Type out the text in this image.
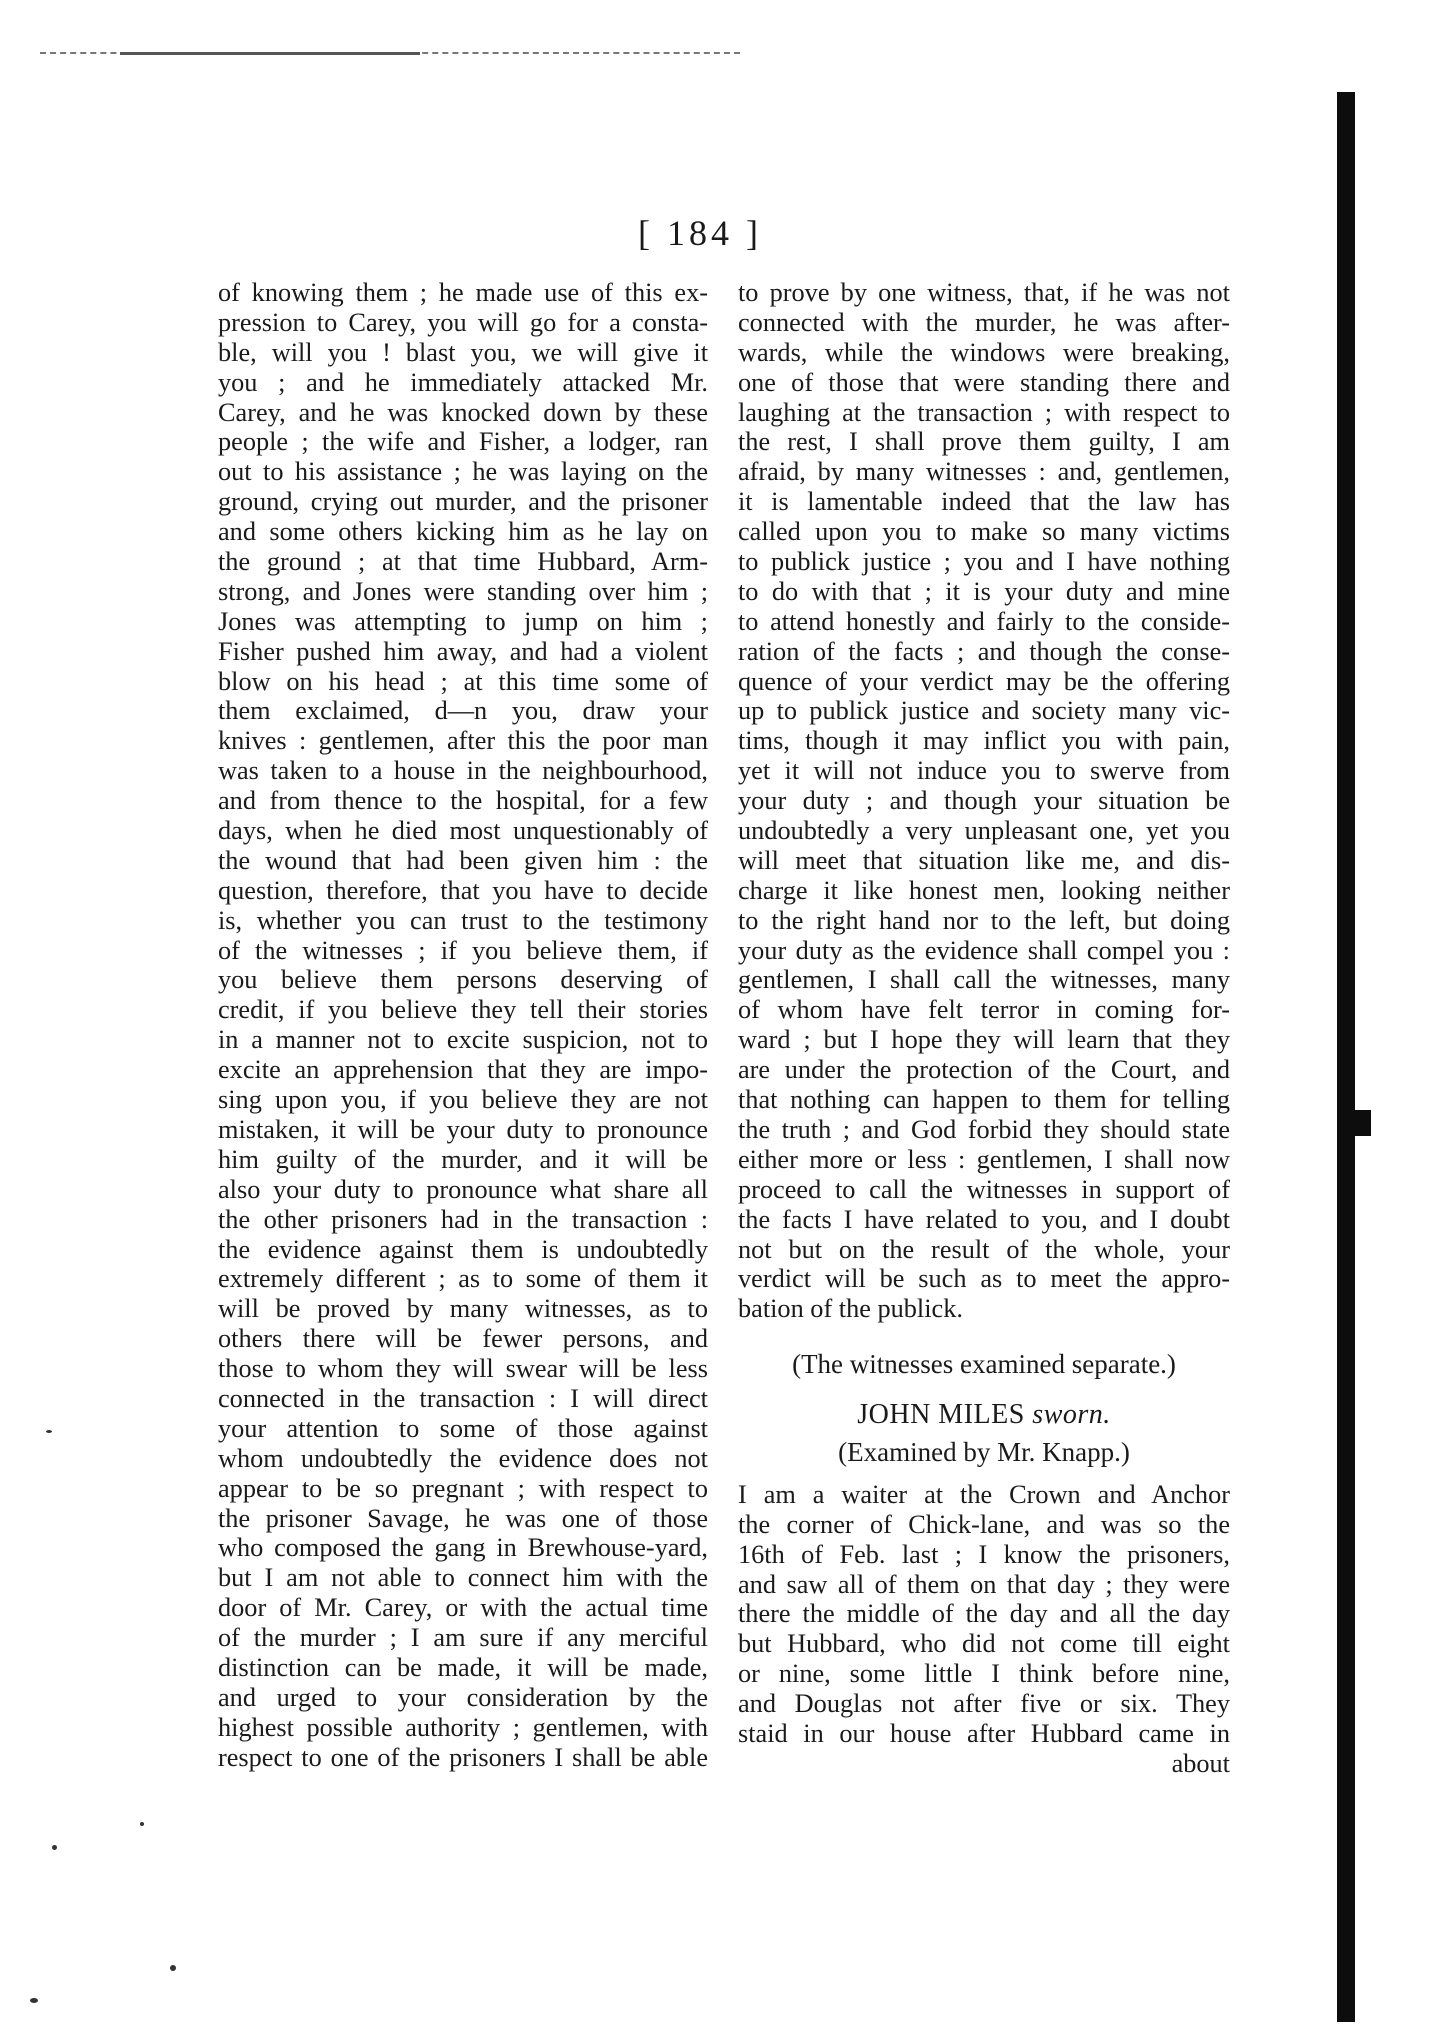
[ 184 ]
of knowing them ; he made use of this ex-
pression to Carey, you will go for a consta-
ble, will you ! blast you, we will give it
you ; and he immediately attacked Mr.
Carey, and he was knocked down by these
people ; the wife and Fisher, a lodger, ran
out to his assistance ; he was laying on the
ground, crying out murder, and the prisoner
and some others kicking him as he lay on
the ground ; at that time Hubbard, Arm-
strong, and Jones were standing over him ;
Jones was attempting to jump on him ;
Fisher pushed him away, and had a violent
blow on his head ; at this time some of
them exclaimed, d—n you, draw your
knives : gentlemen, after this the poor man
was taken to a house in the neighbourhood,
and from thence to the hospital, for a few
days, when he died most unquestionably of
the wound that had been given him : the
question, therefore, that you have to decide
is, whether you can trust to the testimony
of the witnesses ; if you believe them, if
you believe them persons deserving of
credit, if you believe they tell their stories
in a manner not to excite suspicion, not to
excite an apprehension that they are impo-
sing upon you, if you believe they are not
mistaken, it will be your duty to pronounce
him guilty of the murder, and it will be
also your duty to pronounce what share all
the other prisoners had in the transaction :
the evidence against them is undoubtedly
extremely different ; as to some of them it
will be proved by many witnesses, as to
others there will be fewer persons, and
those to whom they will swear will be less
connected in the transaction : I will direct
your attention to some of those against
whom undoubtedly the evidence does not
appear to be so pregnant ; with respect to
the prisoner Savage, he was one of those
who composed the gang in Brewhouse-yard,
but I am not able to connect him with the
door of Mr. Carey, or with the actual time
of the murder ; I am sure if any merciful
distinction can be made, it will be made,
and urged to your consideration by the
highest possible authority ; gentlemen, with
respect to one of the prisoners I shall be able
to prove by one witness, that, if he was not
connected with the murder, he was after-
wards, while the windows were breaking,
one of those that were standing there and
laughing at the transaction ; with respect to
the rest, I shall prove them guilty, I am
afraid, by many witnesses : and, gentlemen,
it is lamentable indeed that the law has
called upon you to make so many victims
to publick justice ; you and I have nothing
to do with that ; it is your duty and mine
to attend honestly and fairly to the conside-
ration of the facts ; and though the conse-
quence of your verdict may be the offering
up to publick justice and society many vic-
tims, though it may inflict you with pain,
yet it will not induce you to swerve from
your duty ; and though your situation be
undoubtedly a very unpleasant one, yet you
will meet that situation like me, and dis-
charge it like honest men, looking neither
to the right hand nor to the left, but doing
your duty as the evidence shall compel you :
gentlemen, I shall call the witnesses, many
of whom have felt terror in coming for-
ward ; but I hope they will learn that they
are under the protection of the Court, and
that nothing can happen to them for telling
the truth ; and God forbid they should state
either more or less : gentlemen, I shall now
proceed to call the witnesses in support of
the facts I have related to you, and I doubt
not but on the result of the whole, your
verdict will be such as to meet the appro-
bation of the publick.
(The witnesses examined separate.)
JOHN MILES sworn.
(Examined by Mr. Knapp.)
I am a waiter at the Crown and Anchor
the corner of Chick-lane, and was so the
16th of Feb. last ; I know the prisoners,
and saw all of them on that day ; they were
there the middle of the day and all the day
but Hubbard, who did not come till eight
or nine, some little I think before nine,
and Douglas not after five or six. They
staid in our house after Hubbard came in
about
